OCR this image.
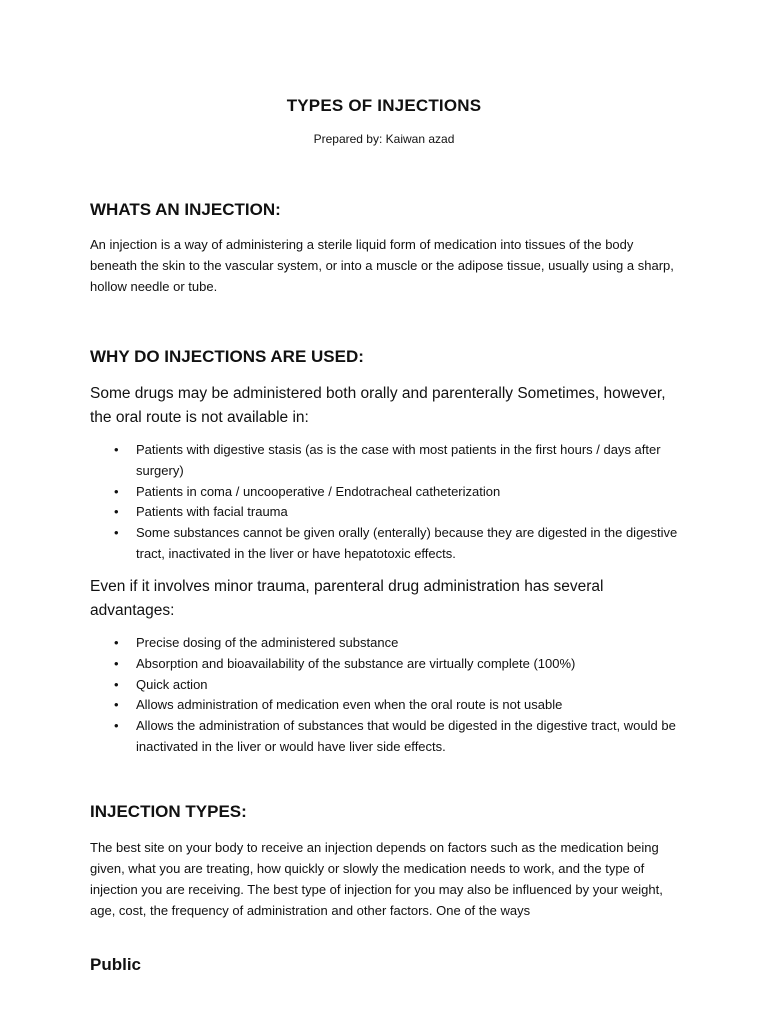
TYPES OF INJECTIONS
Prepared by: Kaiwan azad
WHATS AN INJECTION:
An injection is a way of administering a sterile liquid form of medication into tissues of the body beneath the skin to the vascular system, or into a muscle or the adipose tissue, usually using a sharp, hollow needle or tube.
WHY DO INJECTIONS ARE USED:
Some drugs may be administered both orally and parenterally Sometimes, however, the oral route is not available in:
• Patients with digestive stasis (as is the case with most patients in the first hours / days after surgery)
• Patients in coma / uncooperative / Endotracheal catheterization
• Patients with facial trauma
• Some substances cannot be given orally (enterally) because they are digested in the digestive tract, inactivated in the liver or have hepatotoxic effects.
Even if it involves minor trauma, parenteral drug administration has several advantages:
• Precise dosing of the administered substance
• Absorption and bioavailability of the substance are virtually complete (100%)
• Quick action
• Allows administration of medication even when the oral route is not usable
• Allows the administration of substances that would be digested in the digestive tract, would be inactivated in the liver or would have liver side effects.
INJECTION TYPES:
The best site on your body to receive an injection depends on factors such as the medication being given, what you are treating, how quickly or slowly the medication needs to work, and the type of injection you are receiving. The best type of injection for you may also be influenced by your weight, age, cost, the frequency of administration and other factors. One of the ways
Public
